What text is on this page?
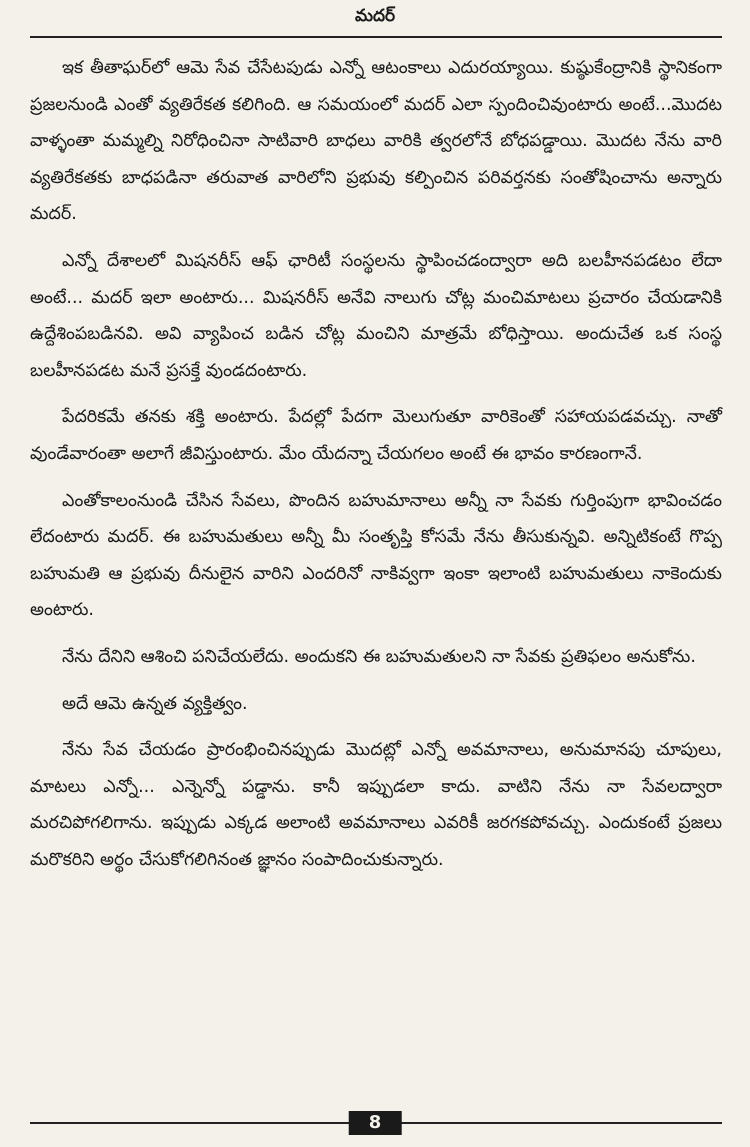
మదర్

ఇక తీతాఘర్‌లో ఆమె సేవ చేసేటపుడు ఎన్నో ఆటంకాలు ఎదురయ్యాయి. కుష్ఠుకేంద్రానికి స్థానికంగా ప్రజలనుండి ఎంతో వ్యతిరేకత కలిగింది. ఆ సమయంలో మదర్ ఎలా స్పందించివుంటారు అంటే...మొదట వాళ్ళంతా మమ్మల్ని నిరోధించినా సాటివారి బాధలు వారికి త్వరలోనే బోధపడ్డాయి. మొదట నేను వారి వ్యతిరేకతకు బాధపడినా తరువాత వారిలోని ప్రభువు కల్పించిన పరివర్తనకు సంతోషించాను అన్నారు మదర్.

ఎన్నో దేశాలలో మిషనరీస్ ఆఫ్ ఛారిటీ సంస్థలను స్థాపించడంద్వారా అది బలహీనపడటం లేదా అంటే... మదర్ ఇలా అంటారు... మిషనరీస్ అనేవి నాలుగు చోట్ల మంచిమాటలు ప్రచారం చేయడానికి ఉద్దేశింపబడినవి. అవి వ్యాపించ బడిన చోట్ల మంచిని మాత్రమే బోధిస్తాయి. అందుచేత ఒక సంస్థ బలహీనపడట మనే ప్రసక్తే వుండదంటారు.

పేదరికమే తనకు శక్తి అంటారు. పేదల్లో పేదగా మెలుగుతూ వారికెంతో సహాయపడవచ్చు. నాతో వుండేవారంతా అలాగే జీవిస్తుంటారు. మేం యేదన్నా చేయగలం అంటే ఈ భావం కారణంగానే.

ఎంతోకాలంనుండి చేసిన సేవలు, పొందిన బహుమానాలు అన్నీ నా సేవకు గుర్తింపుగా భావించడం లేదంటారు మదర్. ఈ బహుమతులు అన్నీ మీ సంతృప్తి కోసమే నేను తీసుకున్నవి. అన్నిటికంటే గొప్ప బహుమతి ఆ ప్రభువు దీనులైన వారిని ఎందరినో నాకివ్వగా ఇంకా ఇలాంటి బహుమతులు నాకెందుకు అంటారు.

నేను దేనిని ఆశించి పనిచేయలేదు. అందుకని ఈ బహుమతులని నా సేవకు ప్రతిఫలం అనుకోను.

అదే ఆమె ఉన్నత వ్యక్తిత్వం.

నేను సేవ చేయడం ప్రారంభించినప్పుడు మొదట్లో ఎన్నో అవమానాలు, అనుమానపు చూపులు, మాటలు ఎన్నో... ఎన్నెన్నో పడ్డాను. కానీ ఇప్పుడలా కాదు. వాటిని నేను నా సేవలద్వారా మరచిపోగలిగాను. ఇప్పుడు ఎక్కడ అలాంటి అవమానాలు ఎవరికీ జరగకపోవచ్చు. ఎందుకంటే ప్రజలు మరొకరిని అర్థం చేసుకోగలిగినంత జ్ఞానం సంపాదించుకున్నారు.

8
